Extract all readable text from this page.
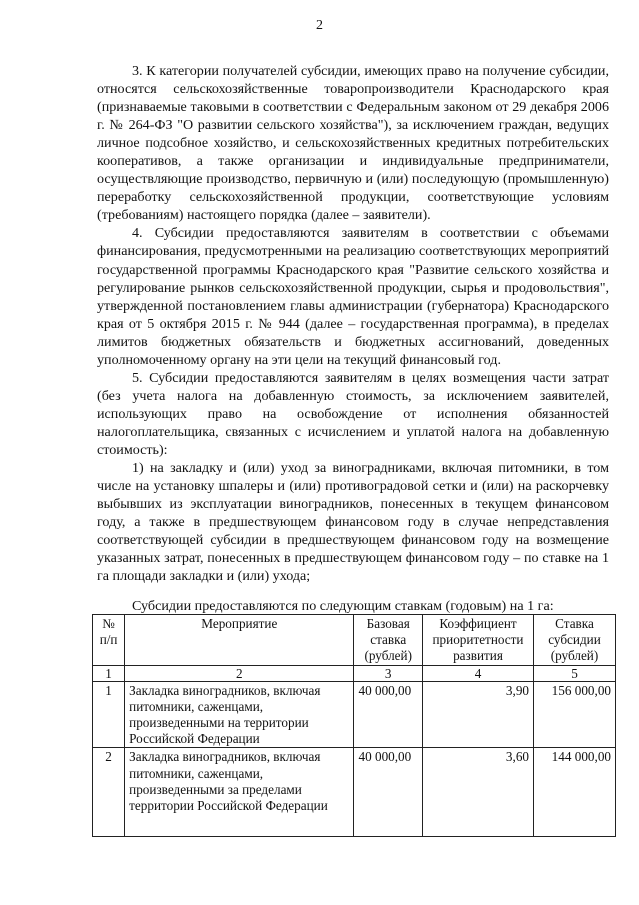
2

3. К категории получателей субсидии, имеющих право на получение субсидии, относятся сельскохозяйственные товаропроизводители Краснодарского края (признаваемые таковыми в соответствии с Федеральным законом от 29 декабря 2006 г. № 264-ФЗ "О развитии сельского хозяйства"), за исключением граждан, ведущих личное подсобное хозяйство, и сельскохозяйственных кредитных потребительских кооперативов, а также организации и индивидуальные предприниматели, осуществляющие производство, первичную и (или) последующую (промышленную) переработку сельскохозяйственной продукции, соответствующие условиям (требованиям) настоящего порядка (далее – заявители).

4. Субсидии предоставляются заявителям в соответствии с объемами финансирования, предусмотренными на реализацию соответствующих мероприятий государственной программы Краснодарского края "Развитие сельского хозяйства и регулирование рынков сельскохозяйственной продукции, сырья и продовольствия", утвержденной постановлением главы администрации (губернатора) Краснодарского края от 5 октября 2015 г. № 944 (далее – государственная программа), в пределах лимитов бюджетных обязательств и бюджетных ассигнований, доведенных уполномоченному органу на эти цели на текущий финансовый год.

5. Субсидии предоставляются заявителям в целях возмещения части затрат (без учета налога на добавленную стоимость, за исключением заявителей, использующих право на освобождение от исполнения обязанностей налогоплательщика, связанных с исчислением и уплатой налога на добавленную стоимость):

1) на закладку и (или) уход за виноградниками, включая питомники, в том числе на установку шпалеры и (или) противоградовой сетки и (или) на раскорчевку выбывших из эксплуатации виноградников, понесенных в текущем финансовом году, а также в предшествующем финансовом году в случае непредставления соответствующей субсидии в предшествующем финансовом году на возмещение указанных затрат, понесенных в предшествующем финансовом году – по ставке на 1 га площади закладки и (или) ухода;

Субсидии предоставляются по следующим ставкам (годовым) на 1 га:
№ п/п	Мероприятие	Базовая ставка (рублей)	Коэффициент приоритетности развития	Ставка субсидии (рублей)
1	2	3	4	5
1	Закладка виноградников, включая питомники, саженцами, произведенными на территории Российской Федерации	40 000,00	3,90	156 000,00
2	Закладка виноградников, включая питомники, саженцами, произведенными за пределами территории Российской Федерации	40 000,00	3,60	144 000,00
